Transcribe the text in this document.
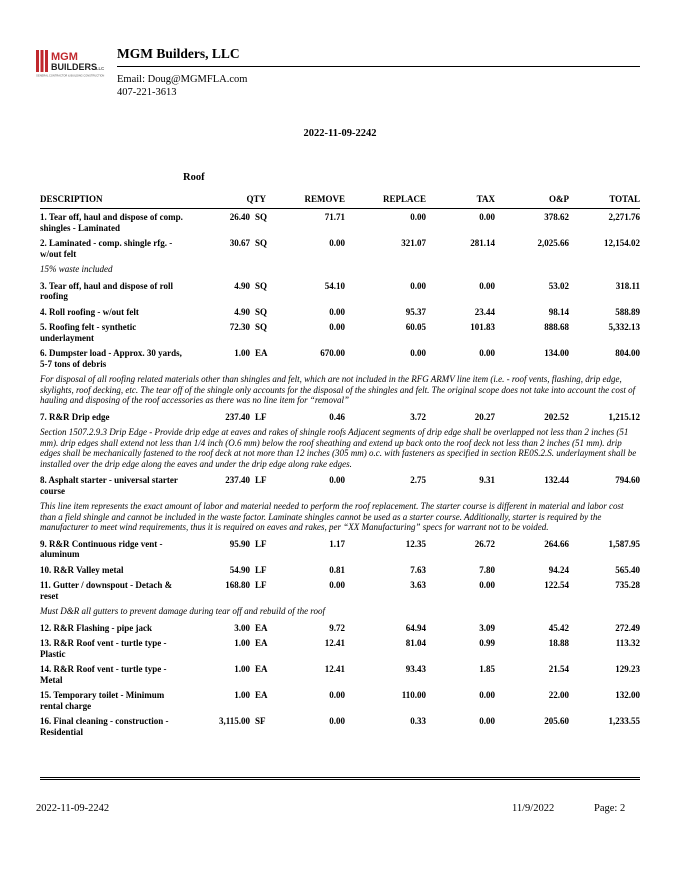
MGM
BUILDERS
LLC
GENERAL CONTRACTOR & BUILDING CONSTRUCTION
MGM Builders, LLC
Email: Doug@MGMFLA.com
407-221-3613
2022-11-09-2242
Roof
DESCRIPTION	QTY		REMOVE	REPLACE	TAX	O&P	TOTAL
1. Tear off, haul and dispose of comp. shingles - Laminated	26.40	SQ	71.71	0.00	0.00	378.62	2,271.76
2. Laminated - comp. shingle rfg. - w/out felt	30.67	SQ	0.00	321.07	281.14	2,025.66	12,154.02
15% waste included							
3. Tear off, haul and dispose of roll roofing	4.90	SQ	54.10	0.00	0.00	53.02	318.11
4. Roll roofing - w/out felt	4.90	SQ	0.00	95.37	23.44	98.14	588.89
5. Roofing felt - synthetic underlayment	72.30	SQ	0.00	60.05	101.83	888.68	5,332.13
6. Dumpster load - Approx. 30 yards, 5-7 tons of debris	1.00	EA	670.00	0.00	0.00	134.00	804.00
For disposal of all roofing related materials other than shingles and felt, which are not included in the RFG ARMV line item (i.e. - roof vents, flashing, drip edge, skylights, roof decking, etc. The tear off of the shingle only accounts for the disposal of the shingles and felt. The original scope does not take into account the cost of hauling and disposing of the roof accessories as there was no line item for “removal”							
7. R&R Drip edge	237.40	LF	0.46	3.72	20.27	202.52	1,215.12
Section 1507.2.9.3 Drip Edge - Provide drip edge at eaves and rakes of shingle roofs Adjacent segments of drip edge shall be overlapped not less than 2 inches (51 mm). drip edges shall extend not less than 1/4 inch (O.6 mm) below the roof sheathing and extend up back onto the roof deck not less than 2 inches (51 mm). drip edges shall be mechanically fastened to the roof deck at not more than 12 inches (305 mm) o.c. with fasteners as specified in section RE0S.2.S. underlayment shall be installed over the drip edge along the eaves and under the drip edge along rake edges.							
8. Asphalt starter - universal starter course	237.40	LF	0.00	2.75	9.31	132.44	794.60
This line item represents the exact amount of labor and material needed to perform the roof replacement. The starter course is different in material and labor cost than a field shingle and cannot be included in the waste factor. Laminate shingles cannot be used as a starter course. Additionally, starter is required by the manufacturer to meet wind requirements, thus it is required on eaves and rakes, per “XX Manufacturing” specs for warrant not to be voided.							
9. R&R Continuous ridge vent - aluminum	95.90	LF	1.17	12.35	26.72	264.66	1,587.95
10. R&R Valley metal	54.90	LF	0.81	7.63	7.80	94.24	565.40
11. Gutter / downspout - Detach & reset	168.80	LF	0.00	3.63	0.00	122.54	735.28
Must D&R all gutters to prevent damage during tear off and rebuild of the roof							
12. R&R Flashing - pipe jack	3.00	EA	9.72	64.94	3.09	45.42	272.49
13. R&R Roof vent - turtle type - Plastic	1.00	EA	12.41	81.04	0.99	18.88	113.32
14. R&R Roof vent - turtle type - Metal	1.00	EA	12.41	93.43	1.85	21.54	129.23
15. Temporary toilet - Minimum rental charge	1.00	EA	0.00	110.00	0.00	22.00	132.00
16. Final cleaning - construction - Residential	3,115.00	SF	0.00	0.33	0.00	205.60	1,233.55
2022-11-09-2242	11/9/2022	Page: 2
